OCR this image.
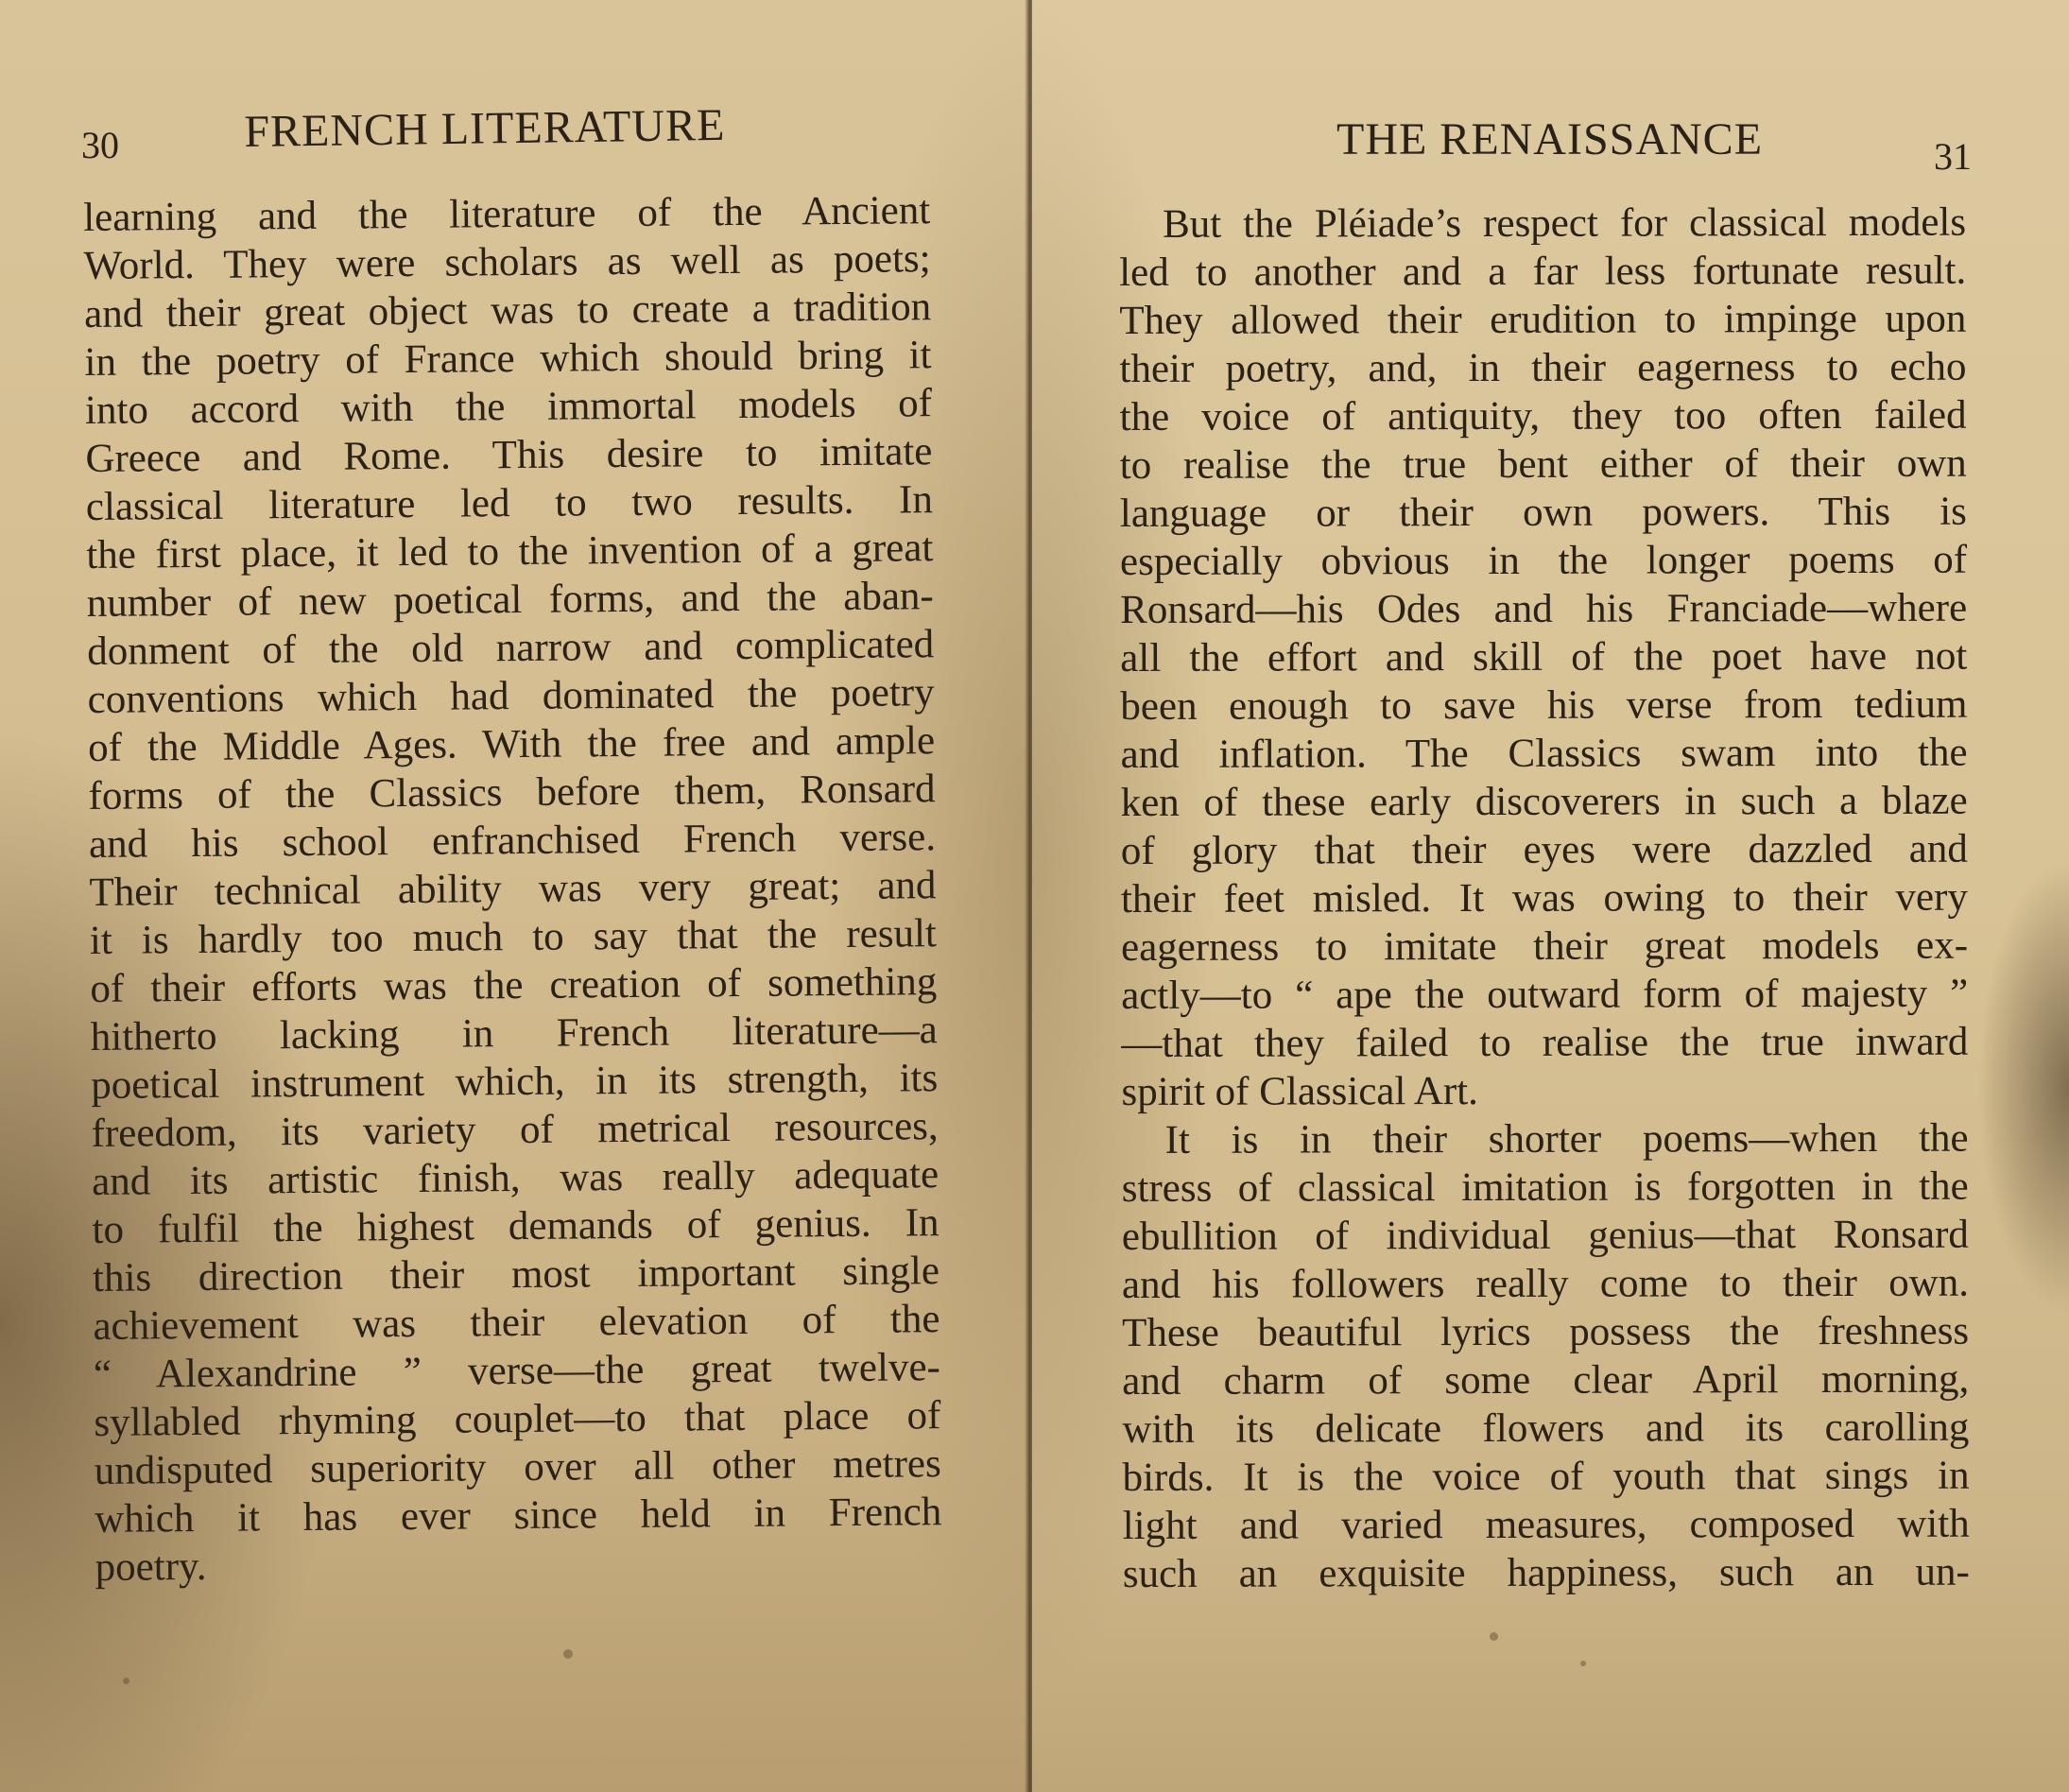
30	FRENCH LITERATURE
learning and the literature of the Ancient
World. They were scholars as well as poets;
and their great object was to create a tradition
in the poetry of France which should bring it
into accord with the immortal models of
Greece and Rome. This desire to imitate
classical literature led to two results. In
the first place, it led to the invention of a great
number of new poetical forms, and the aban-
donment of the old narrow and complicated
conventions which had dominated the poetry
of the Middle Ages. With the free and ample
forms of the Classics before them, Ronsard
and his school enfranchised French verse.
Their technical ability was very great; and
it is hardly too much to say that the result
of their efforts was the creation of something
hitherto lacking in French literature—a
poetical instrument which, in its strength, its
freedom, its variety of metrical resources,
and its artistic finish, was really adequate
to fulfil the highest demands of genius. In
this direction their most important single
achievement was their elevation of the
“ Alexandrine ” verse—the great twelve-
syllabled rhyming couplet—to that place of
undisputed superiority over all other metres
which it has ever since held in French
poetry.
THE RENAISSANCE	31
But the Pléiade’s respect for classical models
led to another and a far less fortunate result.
They allowed their erudition to impinge upon
their poetry, and, in their eagerness to echo
the voice of antiquity, they too often failed
to realise the true bent either of their own
language or their own powers. This is
especially obvious in the longer poems of
Ronsard—his Odes and his Franciade—where
all the effort and skill of the poet have not
been enough to save his verse from tedium
and inflation. The Classics swam into the
ken of these early discoverers in such a blaze
of glory that their eyes were dazzled and
their feet misled. It was owing to their very
eagerness to imitate their great models ex-
actly—to “ ape the outward form of majesty ”
—that they failed to realise the true inward
spirit of Classical Art.
It is in their shorter poems—when the
stress of classical imitation is forgotten in the
ebullition of individual genius—that Ronsard
and his followers really come to their own.
These beautiful lyrics possess the freshness
and charm of some clear April morning,
with its delicate flowers and its carolling
birds. It is the voice of youth that sings in
light and varied measures, composed with
such an exquisite happiness, such an un-
